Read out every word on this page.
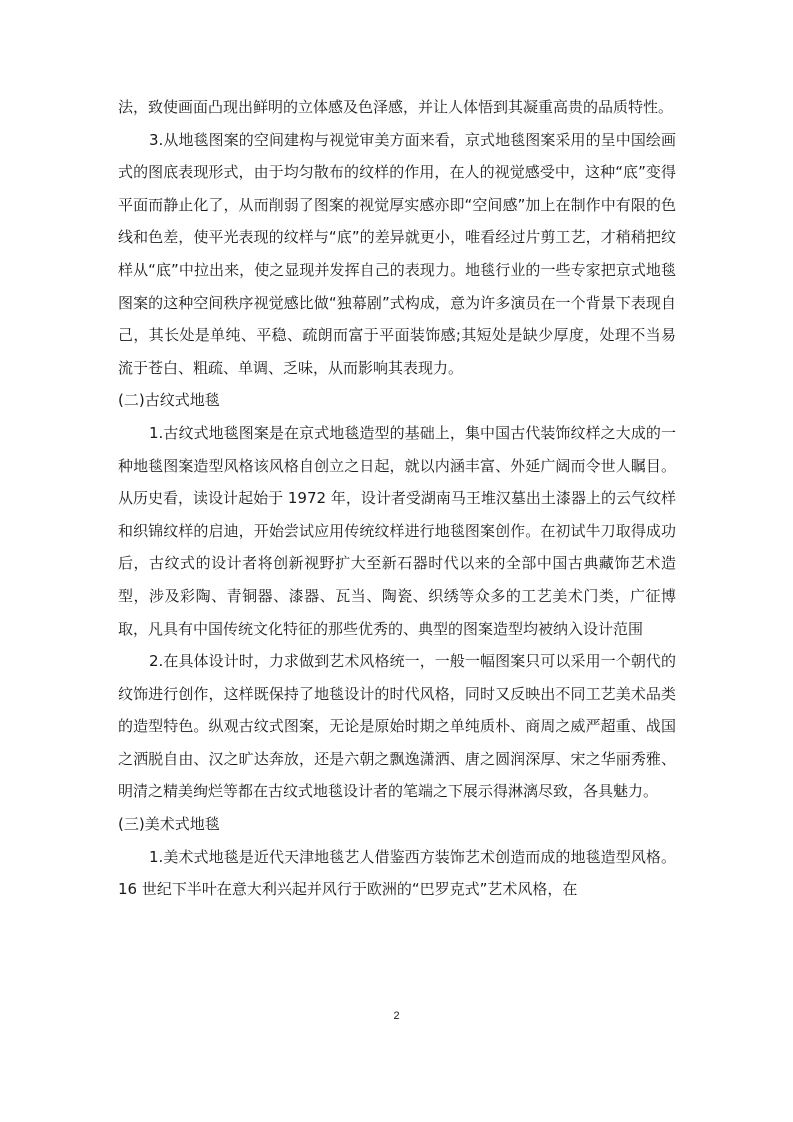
法，致使画面凸现出鲜明的立体感及色泽感，并让人体悟到其凝重高贵的品质特性。

3.从地毯图案的空间建构与视觉审美方面来看，京式地毯图案采用的呈中国绘画式的图底表现形式，由于均匀散布的纹样的作用，在人的视觉感受中，这种“底”变得平面而静止化了，从而削弱了图案的视觉厚实感亦即“空间感”加上在制作中有限的色线和色差，使平光表现的纹样与“底”的差异就更小，唯看经过片剪工艺，才稍稍把纹样从“底”中拉出来，使之显现并发挥自己的表现力。地毯行业的一些专家把京式地毯图案的这种空间秩序视觉感比做“独幕剧”式构成，意为许多演员在一个背景下表现自己，其长处是单纯、平稳、疏朗而富于平面装饰感;其短处是缺少厚度，处理不当易流于苍白、粗疏、单调、乏味，从而影响其表现力。

(二)古纹式地毯

1.古纹式地毯图案是在京式地毯造型的基础上，集中国古代装饰纹样之大成的一种地毯图案造型风格该风格自创立之日起，就以内涵丰富、外延广阔而令世人瞩目。从历史看，读设计起始于 1972 年，设计者受湖南马王堆汉墓出土漆器上的云气纹样和织锦纹样的启迪，开始尝试应用传统纹样进行地毯图案创作。在初试牛刀取得成功后，古纹式的设计者将创新视野扩大至新石器时代以来的全部中国古典藏饰艺术造型，涉及彩陶、青铜器、漆器、瓦当、陶瓷、织绣等众多的工艺美术门类，广征博取，凡具有中国传统文化特征的那些优秀的、典型的图案造型均被纳入设计范围

2.在具体设计时，力求做到艺术风格统一，一般一幅图案只可以采用一个朝代的纹饰进行创作，这样既保持了地毯设计的时代风格，同时又反映出不同工艺美术品类的造型特色。纵观古纹式图案，无论是原始时期之单纯质朴、商周之威严超重、战国之洒脱自由、汉之旷达奔放，还是六朝之飘逸潇洒、唐之圆润深厚、宋之华丽秀雅、明清之精美绚烂等都在古纹式地毯设计者的笔端之下展示得淋漓尽致，各具魅力。

(三)美术式地毯

1.美术式地毯是近代天津地毯艺人借鉴西方装饰艺术创造而成的地毯造型风格。16 世纪下半叶在意大利兴起并风行于欧洲的“巴罗克式”艺术风格，在

2
